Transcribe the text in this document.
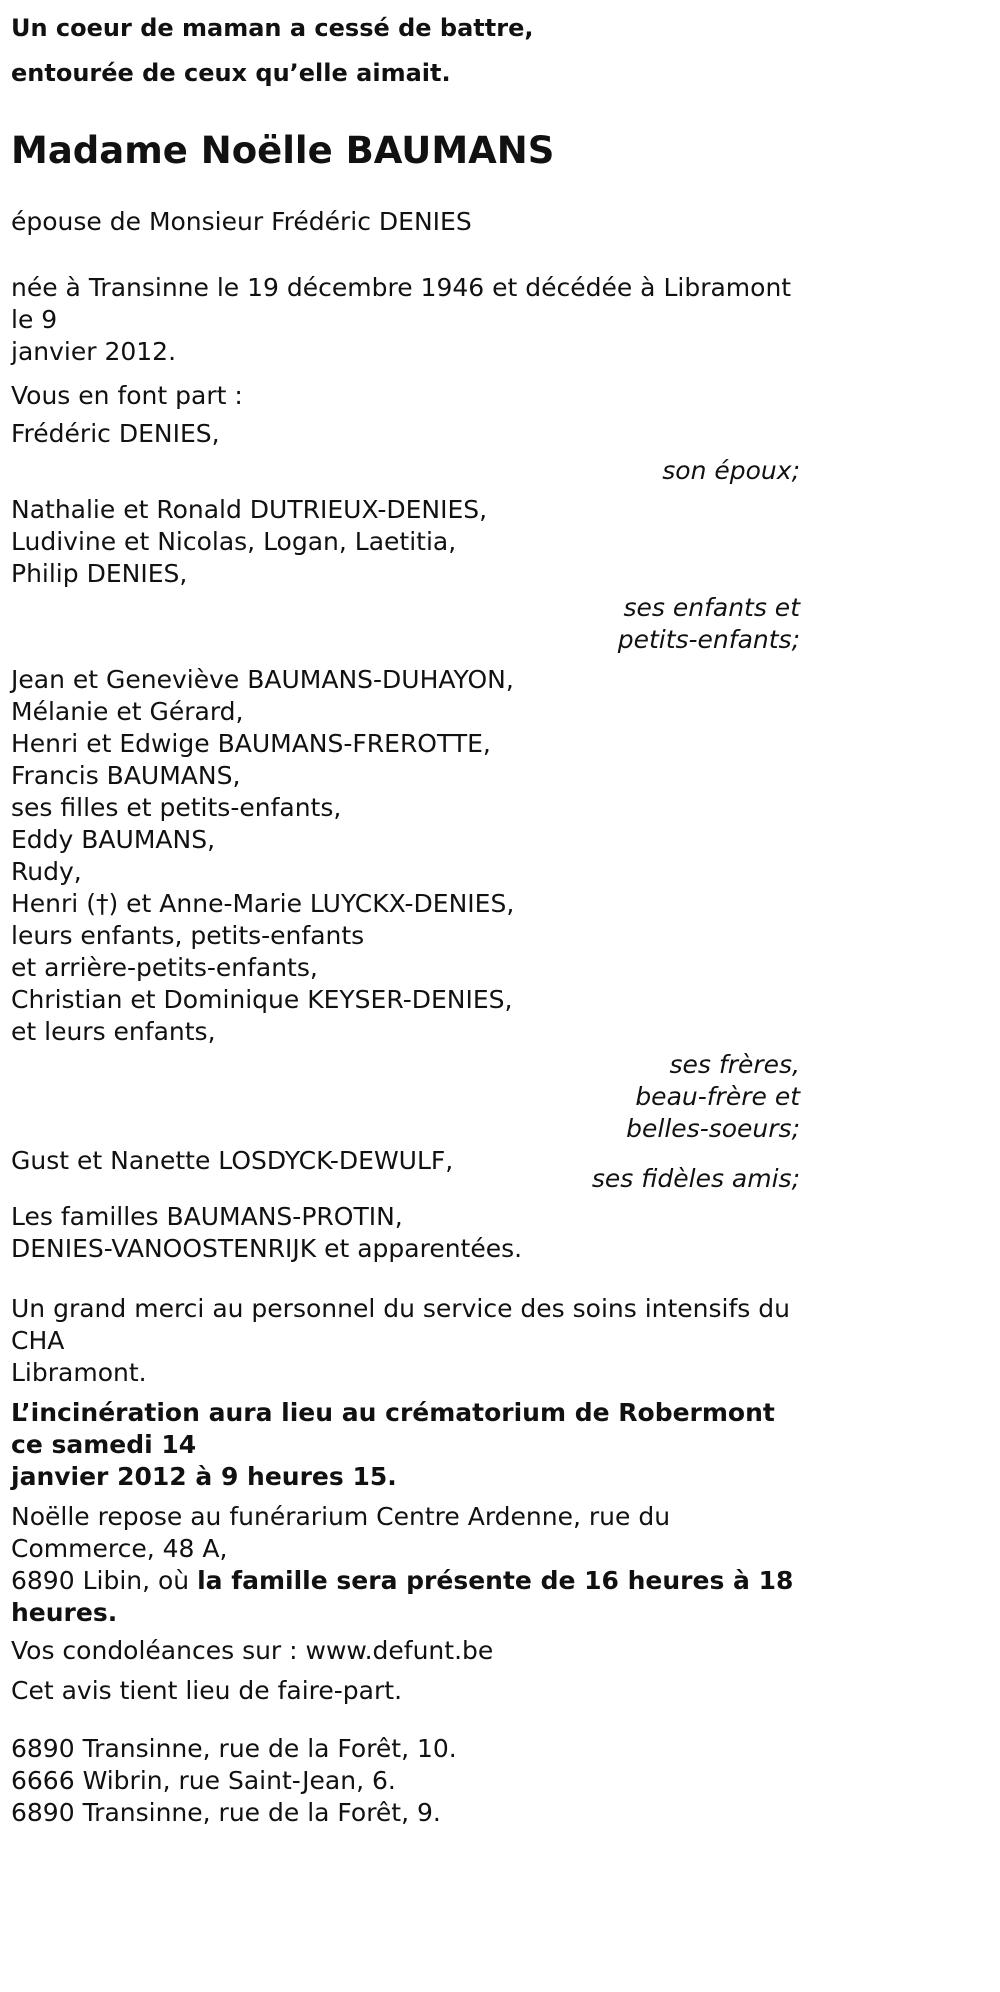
Un coeur de maman a cessé de battre,
entourée de ceux qu’elle aimait.
Madame Noëlle BAUMANS
épouse de Monsieur Frédéric DENIES
née à Transinne le 19 décembre 1946 et décédée à Libramont le 9
janvier 2012.
Vous en font part :
Frédéric DENIES,
son époux;
Nathalie et Ronald DUTRIEUX-DENIES,
Ludivine et Nicolas, Logan, Laetitia,
Philip DENIES,
ses enfants et
petits-enfants;
Jean et Geneviève BAUMANS-DUHAYON,
Mélanie et Gérard,
Henri et Edwige BAUMANS-FREROTTE,
Francis BAUMANS,
ses filles et petits-enfants,
Eddy BAUMANS,
Rudy,
Henri (†) et Anne-Marie LUYCKX-DENIES,
leurs enfants, petits-enfants
et arrière-petits-enfants,
Christian et Dominique KEYSER-DENIES,
et leurs enfants,
ses frères,
beau-frère et
belles-soeurs;
Gust et Nanette LOSDYCK-DEWULF,
ses fidèles amis;
Les familles BAUMANS-PROTIN,
DENIES-VANOOSTENRIJK et apparentées.
Un grand merci au personnel du service des soins intensifs du CHA
Libramont.
L’incinération aura lieu au crématorium de Robermont ce samedi 14
janvier 2012 à 9 heures 15.
Noëlle repose au funérarium Centre Ardenne, rue du Commerce, 48 A,
6890 Libin, où la famille sera présente de 16 heures à 18 heures.
Vos condoléances sur : www.defunt.be
Cet avis tient lieu de faire-part.
6890 Transinne, rue de la Forêt, 10.
6666 Wibrin, rue Saint-Jean, 6.
6890 Transinne, rue de la Forêt, 9.
